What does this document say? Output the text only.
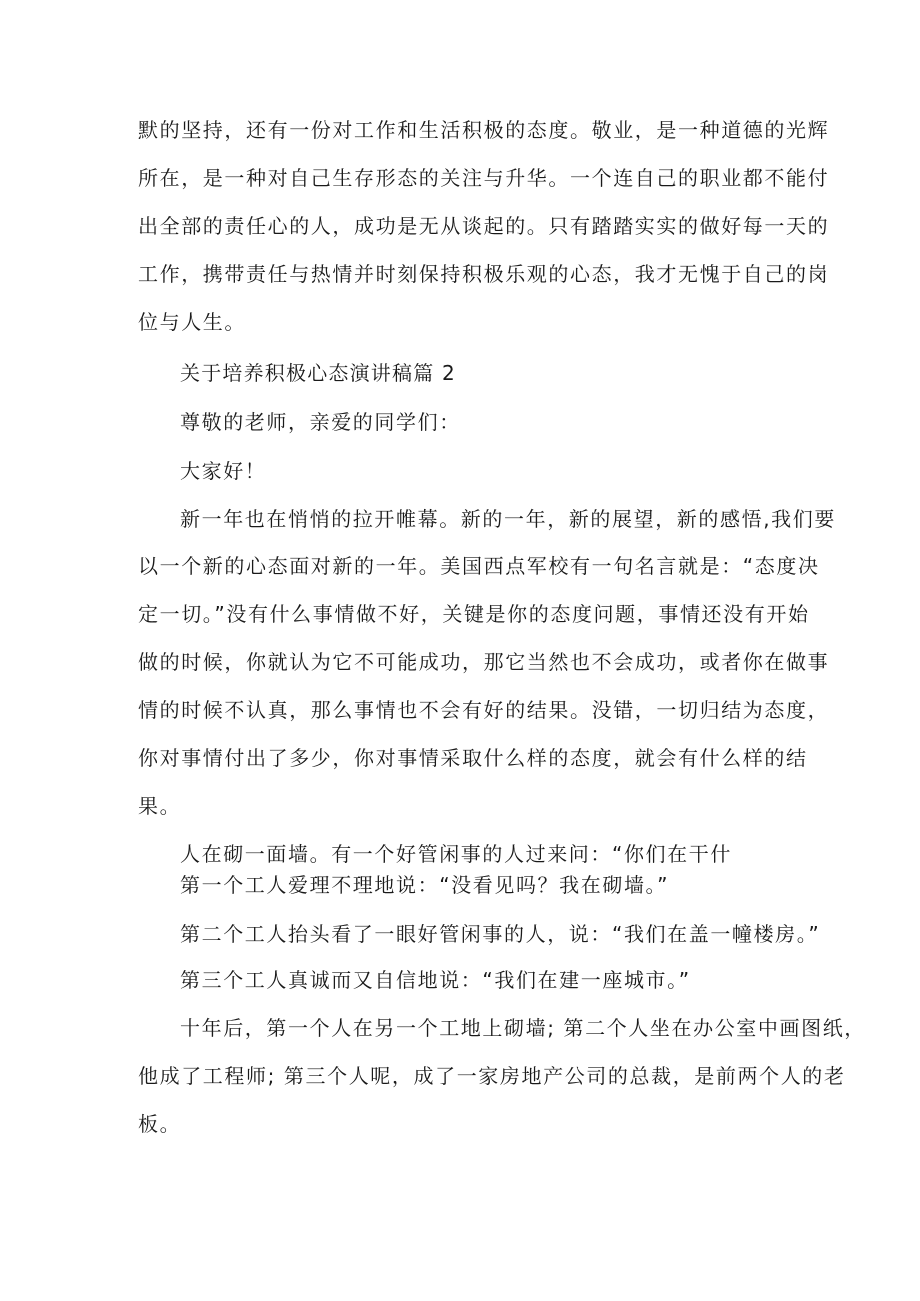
默的坚持，还有一份对工作和生活积极的态度。敬业，是一种道德的光辉

所在，是一种对自己生存形态的关注与升华。一个连自己的职业都不能付

出全部的责任心的人，成功是无从谈起的。只有踏踏实实的做好每一天的

工作，携带责任与热情并时刻保持积极乐观的心态，我才无愧于自己的岗

位与人生。

关于培养积极心态演讲稿篇 2

尊敬的老师，亲爱的同学们：

大家好！

新一年也在悄悄的拉开帷幕。新的一年，新的展望，新的感悟,我们要

以一个新的心态面对新的一年。美国西点军校有一句名言就是：“态度决

定一切。”没有什么事情做不好，关键是你的态度问题，事情还没有开始

做的时候，你就认为它不可能成功，那它当然也不会成功，或者你在做事

情的时候不认真，那么事情也不会有好的结果。没错，一切归结为态度，

你对事情付出了多少，你对事情采取什么样的态度，就会有什么样的结

果。

人在砌一面墙。有一个好管闲事的人过来问：“你们在干什

第一个工人爱理不理地说：“没看见吗？我在砌墙。”

第二个工人抬头看了一眼好管闲事的人，说：“我们在盖一幢楼房。”

第三个工人真诚而又自信地说：“我们在建一座城市。”

十年后，第一个人在另一个工地上砌墙; 第二个人坐在办公室中画图纸，

他成了工程师; 第三个人呢，成了一家房地产公司的总裁，是前两个人的老

板。
